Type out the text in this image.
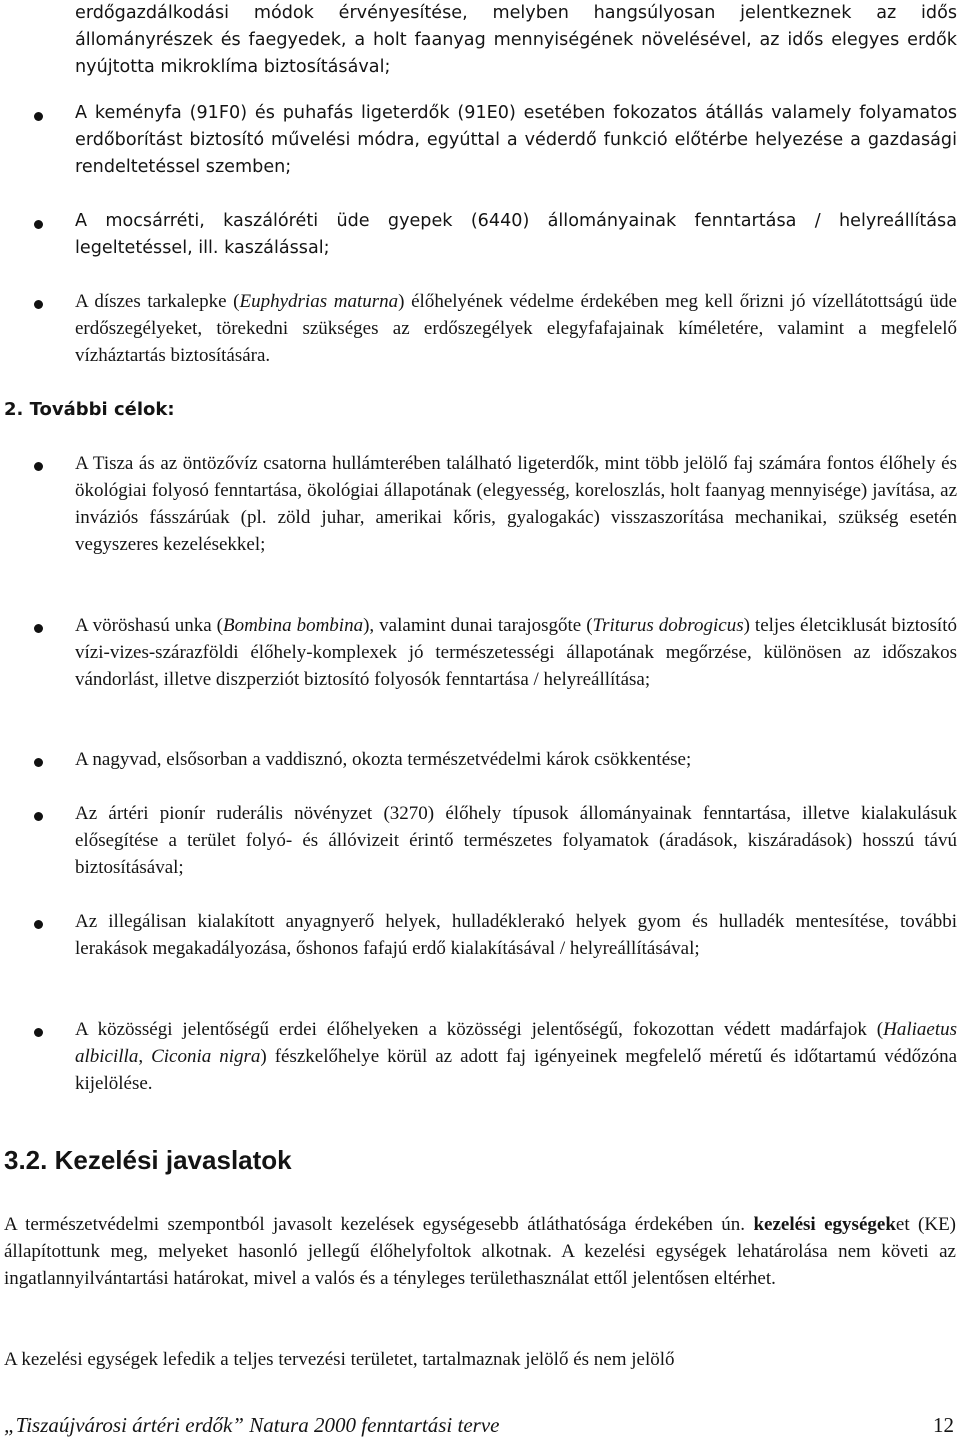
erdőgazdálkodási módok érvényesítése, melyben hangsúlyosan jelentkeznek az idős állományrészek és faegyedek, a holt faanyag mennyiségének növelésével, az idős elegyes erdők nyújtotta mikroklíma biztosításával;

A keményfa (91F0) és puhafás ligeterdők (91E0) esetében fokozatos átállás valamely folyamatos erdőborítást biztosító művelési módra, egyúttal a véderdő funkció előtérbe helyezése a gazdasági rendeltetéssel szemben;

A mocsárréti, kaszálóréti üde gyepek (6440) állományainak fenntartása / helyreállítása legeltetéssel, ill. kaszálással;

A díszes tarkalepke (Euphydrias maturna) élőhelyének védelme érdekében meg kell őrizni jó vízellátottságú üde erdőszegélyeket, törekedni szükséges az erdőszegélyek elegyfafajainak kíméletére, valamint a megfelelő vízháztartás biztosítására.

2. További célok:

A Tisza ás az öntözővíz csatorna hullámterében található ligeterdők, mint több jelölő faj számára fontos élőhely és ökológiai folyosó fenntartása, ökológiai állapotának (elegyesség, koreloszlás, holt faanyag mennyisége) javítása, az inváziós fásszárúak (pl. zöld juhar, amerikai kőris, gyalogakác) visszaszorítása mechanikai, szükség esetén vegyszeres kezelésekkel;

A vöröshasú unka (Bombina bombina), valamint dunai tarajosgőte (Triturus dobrogicus) teljes életciklusát biztosító vízi-vizes-szárazföldi élőhely-komplexek jó természetességi állapotának megőrzése, különösen az időszakos vándorlást, illetve diszperziót biztosító folyosók fenntartása / helyreállítása;

A nagyvad, elsősorban a vaddisznó, okozta természetvédelmi károk csökkentése;

Az ártéri pionír ruderális növényzet (3270) élőhely típusok állományainak fenntartása, illetve kialakulásuk elősegítése a terület folyó- és állóvizeit érintő természetes folyamatok (áradások, kiszáradások) hosszú távú biztosításával;

Az illegálisan kialakított anyagnyerő helyek, hulladéklerakó helyek gyom és hulladék mentesítése, további lerakások megakadályozása, őshonos fafajú erdő kialakításával / helyreállításával;

A közösségi jelentőségű erdei élőhelyeken a közösségi jelentőségű, fokozottan védett madárfajok (Haliaetus albicilla, Ciconia nigra) fészkelőhelye körül az adott faj igényeinek megfelelő méretű és időtartamú védőzóna kijelölése.

3.2. Kezelési javaslatok

A természetvédelmi szempontból javasolt kezelések egységesebb átláthatósága érdekében ún. kezelési egységeket (KE) állapítottunk meg, melyeket hasonló jellegű élőhelyfoltok alkotnak. A kezelési egységek lehatárolása nem követi az ingatlannyilvántartási határokat, mivel a valós és a tényleges területhasználat ettől jelentősen eltérhet.

A kezelési egységek lefedik a teljes tervezési területet, tartalmaznak jelölő és nem jelölő

„Tiszaújvárosi ártéri erdők” Natura 2000 fenntartási terve	12
